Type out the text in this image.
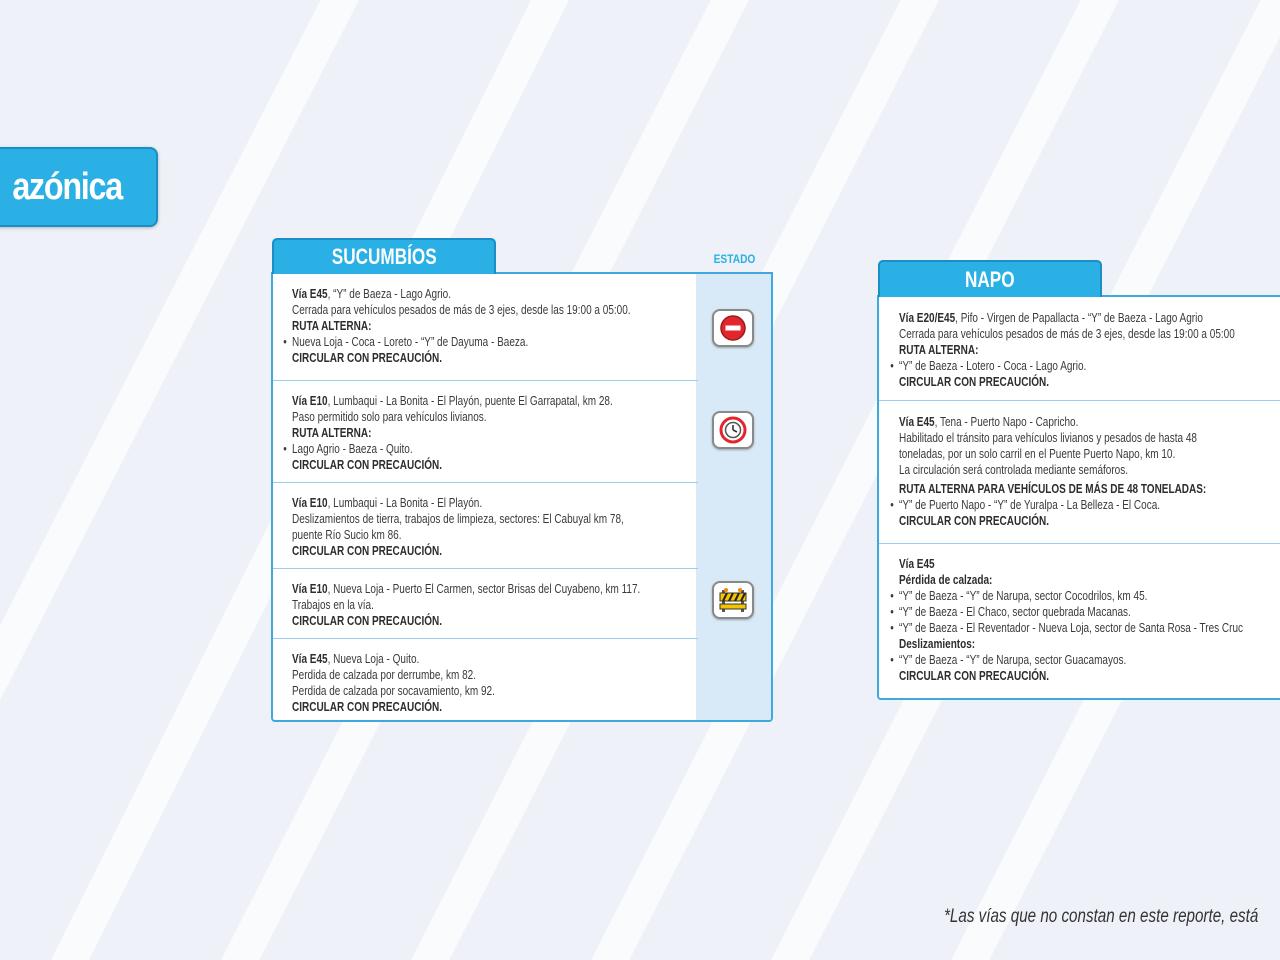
azónica
SUCUMBÍOS	ESTADO
Vía E45, “Y” de Baeza - Lago Agrio.
Cerrada para vehículos pesados de más de 3 ejes, desde las 19:00 a 05:00.
RUTA ALTERNA:
• Nueva Loja - Coca - Loreto - “Y” de Dayuma - Baeza.
CIRCULAR CON PRECAUCIÓN.
Vía E10, Lumbaqui - La Bonita - El Playón, puente El Garrapatal, km 28.
Paso permitido solo para vehículos livianos.
RUTA ALTERNA:
• Lago Agrio - Baeza - Quito.
CIRCULAR CON PRECAUCIÓN.
Vía E10, Lumbaqui - La Bonita - El Playón.
Deslizamientos de tierra, trabajos de limpieza, sectores: El Cabuyal km 78,
puente Río Sucio km 86.
CIRCULAR CON PRECAUCIÓN.
Vía E10, Nueva Loja - Puerto El Carmen, sector Brisas del Cuyabeno, km 117.
Trabajos en la vía.
CIRCULAR CON PRECAUCIÓN.
Vía E45, Nueva Loja - Quito.
Perdida de calzada por derrumbe, km 82.
Perdida de calzada por socavamiento, km 92.
CIRCULAR CON PRECAUCIÓN.
NAPO
Vía E20/E45, Pifo - Virgen de Papallacta - “Y” de Baeza - Lago Agrio
Cerrada para vehículos pesados de más de 3 ejes, desde las 19:00 a 05:00
RUTA ALTERNA:
• “Y” de Baeza - Lotero - Coca - Lago Agrio.
CIRCULAR CON PRECAUCIÓN.
Vía E45, Tena - Puerto Napo - Capricho.
Habilitado el tránsito para vehículos livianos y pesados de hasta 48
toneladas, por un solo carril en el Puente Puerto Napo, km 10.
La circulación será controlada mediante semáforos.
RUTA ALTERNA PARA VEHÍCULOS DE MÁS DE 48 TONELADAS:
• “Y” de Puerto Napo - “Y” de Yuralpa - La Belleza - El Coca.
CIRCULAR CON PRECAUCIÓN.
Vía E45
Pérdida de calzada:
• “Y” de Baeza - “Y” de Narupa, sector Cocodrilos, km 45.
• “Y” de Baeza - El Chaco, sector quebrada Macanas.
• “Y” de Baeza - El Reventador - Nueva Loja, sector de Santa Rosa - Tres Cruc
Deslizamientos:
• “Y” de Baeza - “Y” de Narupa, sector Guacamayos.
CIRCULAR CON PRECAUCIÓN.
*Las vías que no constan en este reporte, está
